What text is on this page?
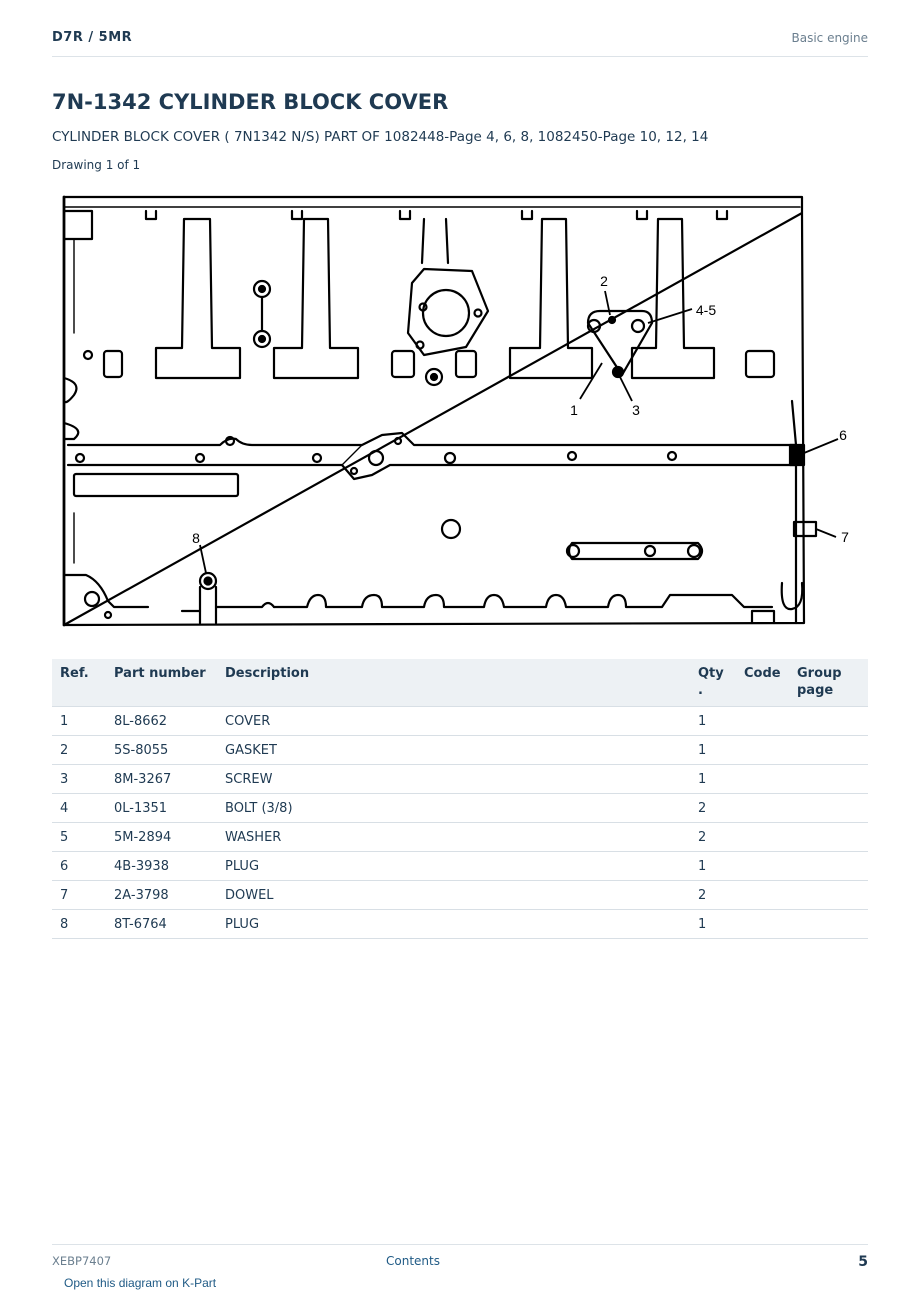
D7R / 5MR	Basic engine
7N-1342 CYLINDER BLOCK COVER
CYLINDER BLOCK COVER ( 7N1342 N/S) PART OF 1082448-Page 4, 6, 8, 1082450-Page 10, 12, 14
Drawing 1 of 1
1
2
3
4-5
6
7
8
Ref.	Part number	Description	Qty .	Code	Group page
1	8L-8662	COVER	1		
2	5S-8055	GASKET	1		
3	8M-3267	SCREW	1		
4	0L-1351	BOLT (3/8)	2		
5	5M-2894	WASHER	2		
6	4B-3938	PLUG	1		
7	2A-3798	DOWEL	2		
8	8T-6764	PLUG	1		
XEBP7407	Contents	5
Open this diagram on K-Part
